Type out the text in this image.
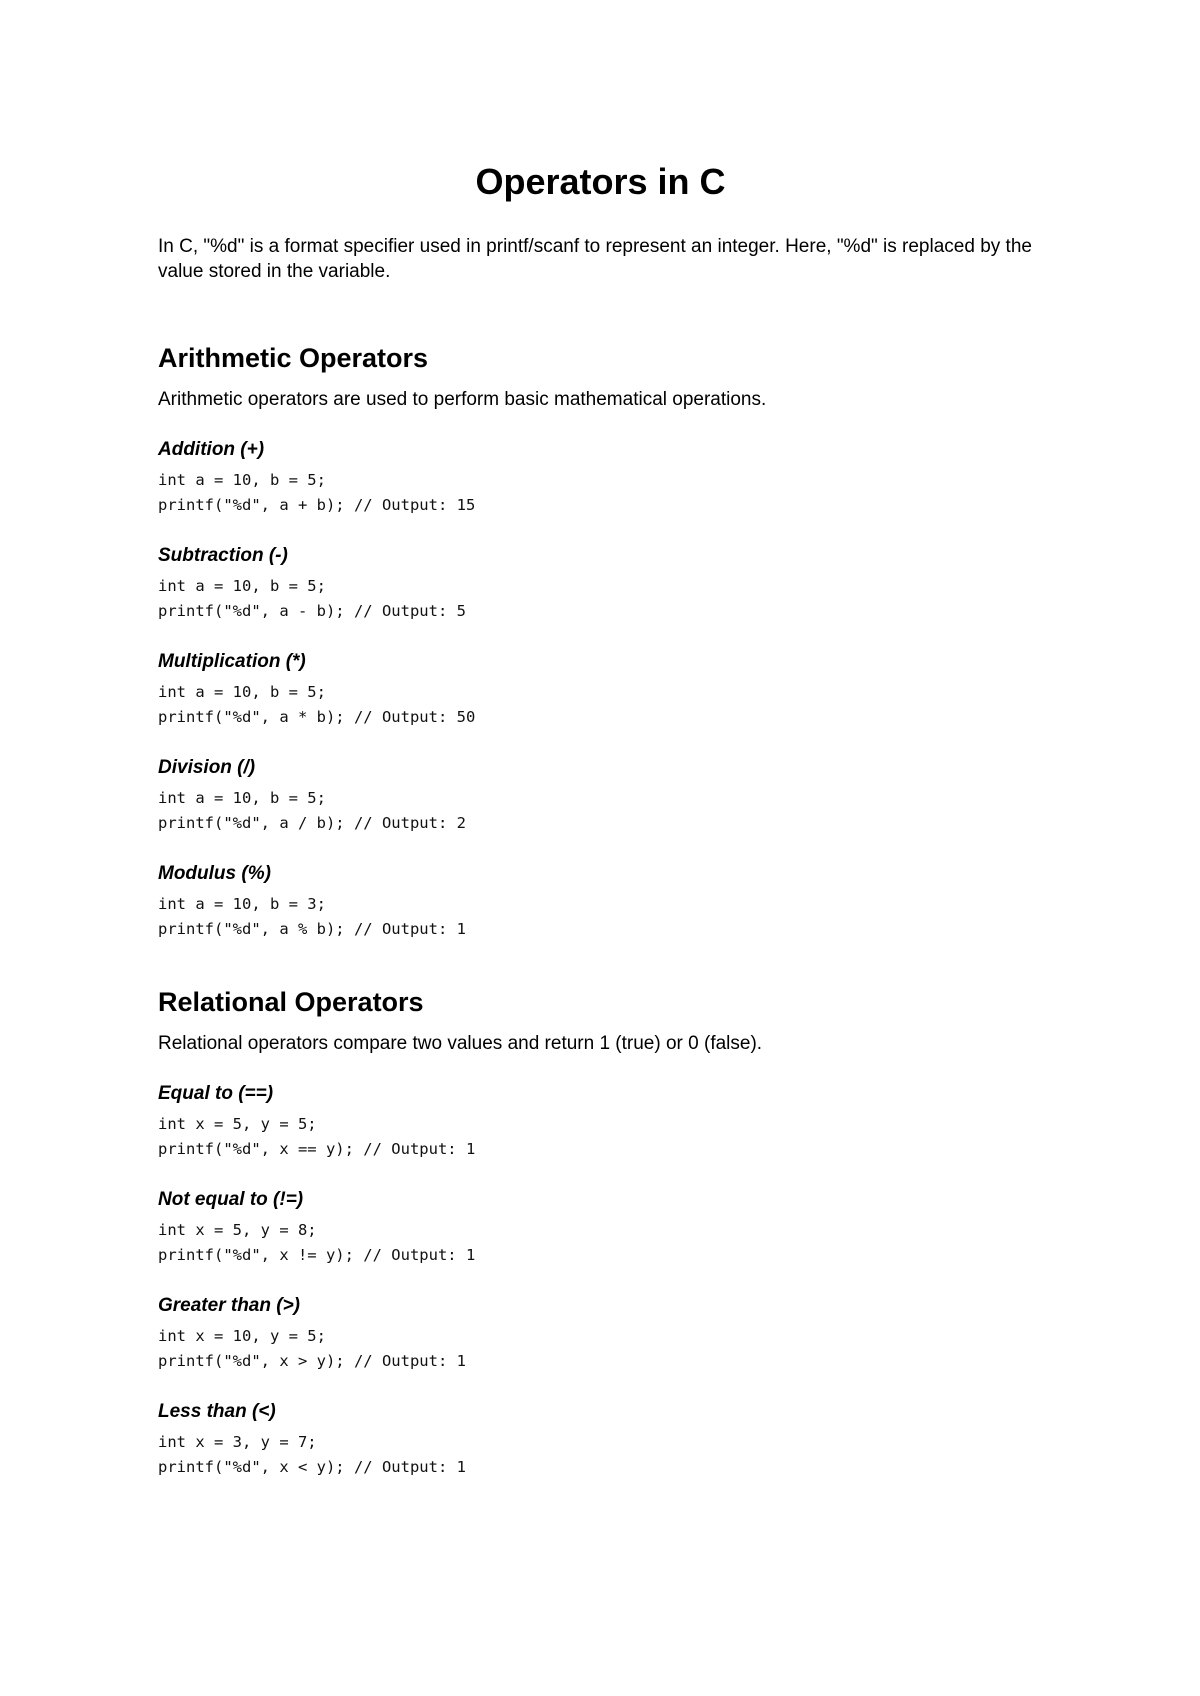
Operators in C

In C, "%d" is a format specifier used in printf/scanf to represent an integer. Here, "%d" is replaced by the value stored in the variable.

Arithmetic Operators

Arithmetic operators are used to perform basic mathematical operations.

Addition (+)
int a = 10, b = 5;
printf("%d", a + b); // Output: 15
Subtraction (-)
int a = 10, b = 5;
printf("%d", a - b); // Output: 5
Multiplication (*)
int a = 10, b = 5;
printf("%d", a * b); // Output: 50
Division (/)
int a = 10, b = 5;
printf("%d", a / b); // Output: 2
Modulus (%)
int a = 10, b = 3;
printf("%d", a % b); // Output: 1
Relational Operators

Relational operators compare two values and return 1 (true) or 0 (false).

Equal to (==)
int x = 5, y = 5;
printf("%d", x == y); // Output: 1
Not equal to (!=)
int x = 5, y = 8;
printf("%d", x != y); // Output: 1
Greater than (>)
int x = 10, y = 5;
printf("%d", x > y); // Output: 1
Less than (<)
int x = 3, y = 7;
printf("%d", x < y); // Output: 1
